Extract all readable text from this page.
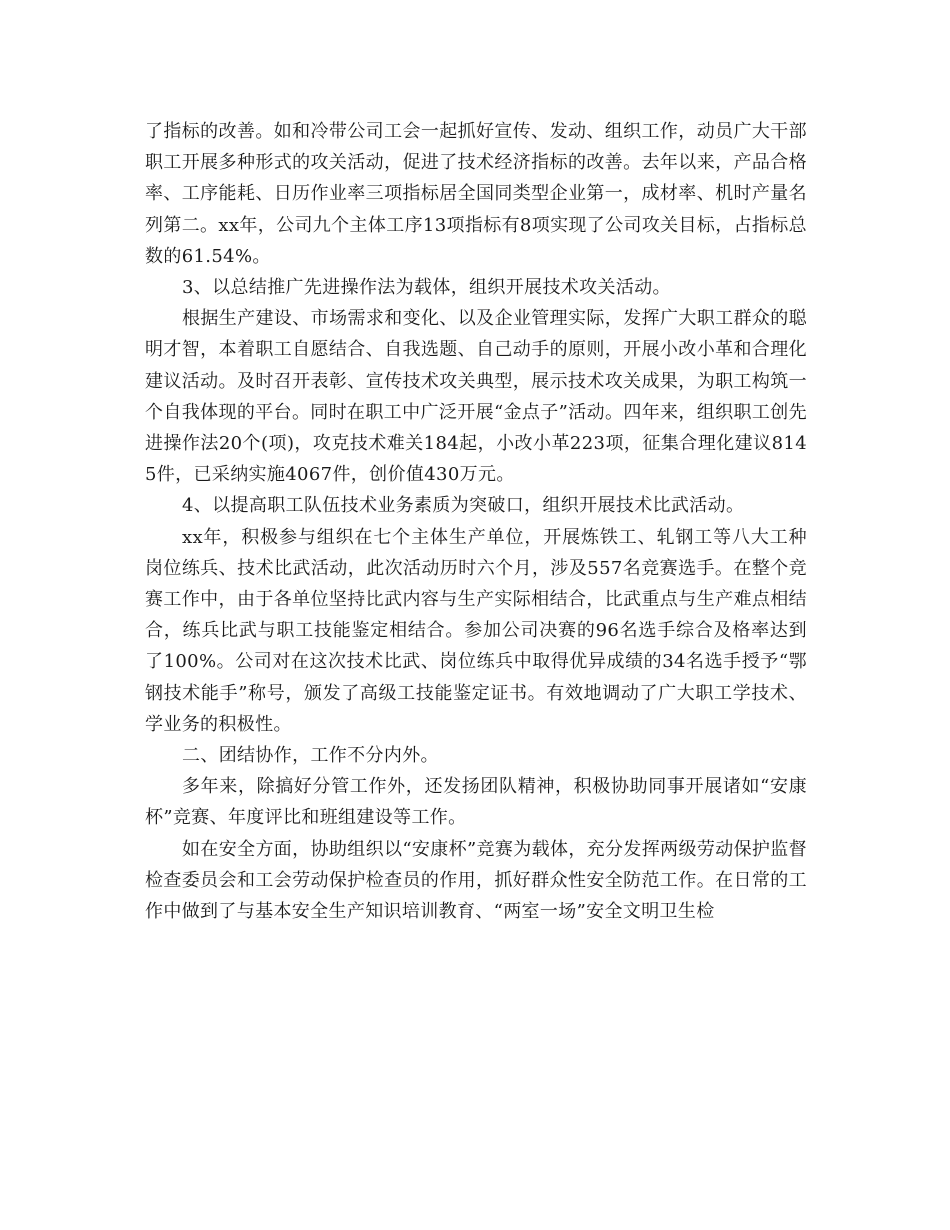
了指标的改善。如和冷带公司工会一起抓好宣传、发动、组织工作，动员广大干部职工开展多种形式的攻关活动，促进了技术经济指标的改善。去年以来，产品合格率、工序能耗、日历作业率三项指标居全国同类型企业第一，成材率、机时产量名列第二。xx年，公司九个主体工序13项指标有8项实现了公司攻关目标，占指标总数的61.54%。

3、以总结推广先进操作法为载体，组织开展技术攻关活动。

根据生产建设、市场需求和变化、以及企业管理实际，发挥广大职工群众的聪明才智，本着职工自愿结合、自我选题、自己动手的原则，开展小改小革和合理化建议活动。及时召开表彰、宣传技术攻关典型，展示技术攻关成果，为职工构筑一个自我体现的平台。同时在职工中广泛开展“金点子”活动。四年来，组织职工创先进操作法20个(项)，攻克技术难关184起，小改小革223项，征集合理化建议8145件，已采纳实施4067件，创价值430万元。

4、以提高职工队伍技术业务素质为突破口，组织开展技术比武活动。

xx年，积极参与组织在七个主体生产单位，开展炼铁工、轧钢工等八大工种岗位练兵、技术比武活动，此次活动历时六个月，涉及557名竞赛选手。在整个竞赛工作中，由于各单位坚持比武内容与生产实际相结合，比武重点与生产难点相结合，练兵比武与职工技能鉴定相结合。参加公司决赛的96名选手综合及格率达到了100%。公司对在这次技术比武、岗位练兵中取得优异成绩的34名选手授予“鄂钢技术能手”称号，颁发了高级工技能鉴定证书。有效地调动了广大职工学技术、学业务的积极性。

二、团结协作，工作不分内外。

多年来，除搞好分管工作外，还发扬团队精神，积极协助同事开展诸如“安康杯”竞赛、年度评比和班组建设等工作。

如在安全方面，协助组织以“安康杯”竞赛为载体，充分发挥两级劳动保护监督检查委员会和工会劳动保护检查员的作用，抓好群众性安全防范工作。在日常的工作中做到了与基本安全生产知识培训教育、“两室一场”安全文明卫生检
